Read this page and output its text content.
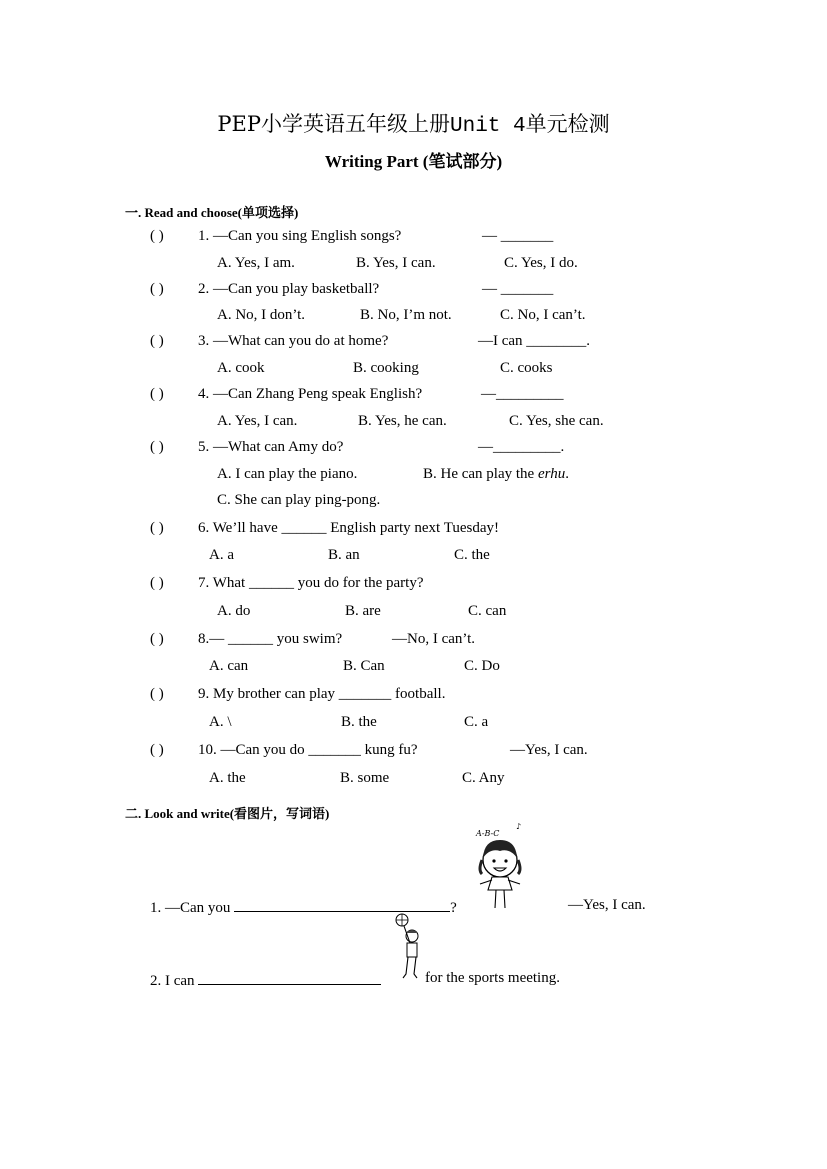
PEP小学英语五年级上册Unit 4单元检测
Writing Part (笔试部分)
一. Read and choose(单项选择)
( ) 1. —Can you sing English songs?	— _______
A. Yes, I am.	B. Yes, I can.	C. Yes, I do.
( ) 2. —Can you play basketball?	— _______
A. No, I don’t.	B. No, I’m not.	C. No, I can’t.
( ) 3. —What can you do at home?	—I can ________.
A. cook	B. cooking	C. cooks
( ) 4. —Can Zhang Peng speak English?	—_________
A. Yes, I can.	B. Yes, he can.	C. Yes, she can.
( ) 5. —What can Amy do?	—_________.
A. I can play the piano.	B. He can play the erhu.
C. She can play ping-pong.
( ) 6. We’ll have ______ English party next Tuesday!
A. a	B. an	C. the
( ) 7. What ______ you do for the party?
A. do	B. are	C. can
( ) 8.— ______ you swim?	—No, I can’t.
A. can	B. Can	C. Do
( ) 9. My brother can play _______ football.
A. \	B. the	C. a
( ) 10. —Can you do _______ kung fu?	—Yes, I can.
A. the	B. some	C. Any
二. Look and write(看图片，写词语)
A-B-C
♪
1. —Can you	?	—Yes, I can.
2. I can	for the sports meeting.
